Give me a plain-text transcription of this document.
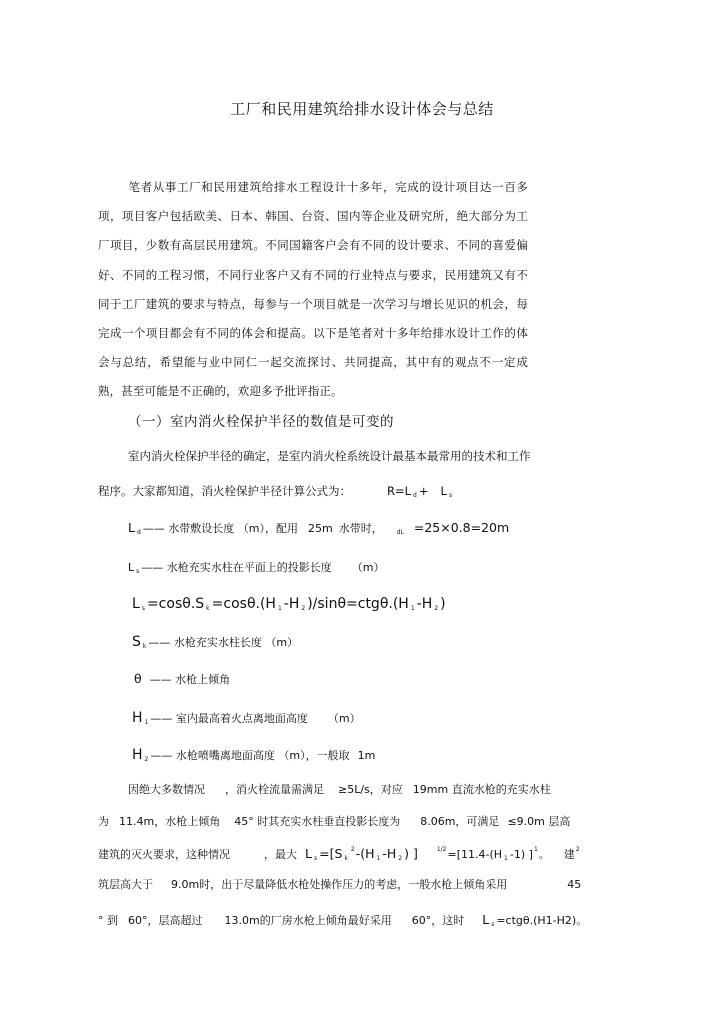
工厂和民用建筑给排水设计体会与总结
笔者从事工厂和民用建筑给排水工程设计十多年，完成的设计项目达一百多项，项目客户包括欧美、日本、韩国、台资、国内等企业及研究所，绝大部分为工厂项目，少数有高层民用建筑。不同国籍客户会有不同的设计要求、不同的喜爱偏好、不同的工程习惯，不同行业客户又有不同的行业特点与要求，民用建筑又有不同于工厂建筑的要求与特点，每参与一个项目就是一次学习与增长见识的机会，每完成一个项目都会有不同的体会和提高。以下是笔者对十多年给排水设计工作的体会与总结，希望能与业中同仁一起交流探讨、共同提高，其中有的观点不一定成熟，甚至可能是不正确的，欢迎多予批评指正。
（一）室内消火栓保护半径的数值是可变的
室内消火栓保护半径的确定，是室内消火栓系统设计最基本最常用的技术和工作
程序。大家都知道，消火栓保护半径计算公式为：	R=L $_d$ + L $_s$
L $_d$ —— 水带敷设长度 （m），配用 25m 水带时， $_{dL}$ =25×0.8=20m
L $_s$ —— 水枪充实水柱在平面上的投影长度 （m）
L $_s$ =cosθ.S $_k$ =cosθ.(H $_1$ -H $_2$ )/sinθ=ctgθ.(H $_1$ -H $_2$ )
S $_k$ —— 水枪充实水柱长度 （m）
θ —— 水枪上倾角
H $_1$ —— 室内最高着火点离地面高度 （m）
H $_2$ —— 水枪喷嘴离地面高度 （m），一般取 1m
因绝大多数情况 ，消火栓流量需满足 ≥5L/s，对应 19mm 直流水枪的充实水柱
为 11.4m，水枪上倾角 45° 时其充实水柱垂直投影长度为 8.06m，可满足 ≤9.0m 层高
建筑的灭火要求，这种情况	，最大 L $_s$ =[S $_k^2$-(H $_1$ -H $_2$ ) ]	$^{1/2}$=[11.4-(H $_1$ -1) ]$^1$。 建$^2$
筑层高大于 9.0m时，出于尽量降低水枪处操作压力的考虑，一般水枪上倾角采用	45
° 到 60°，层高超过 13.0m的厂房水枪上倾角最好采用 60°，这时 L $_s$ =ctgθ.(H1-H2)。
